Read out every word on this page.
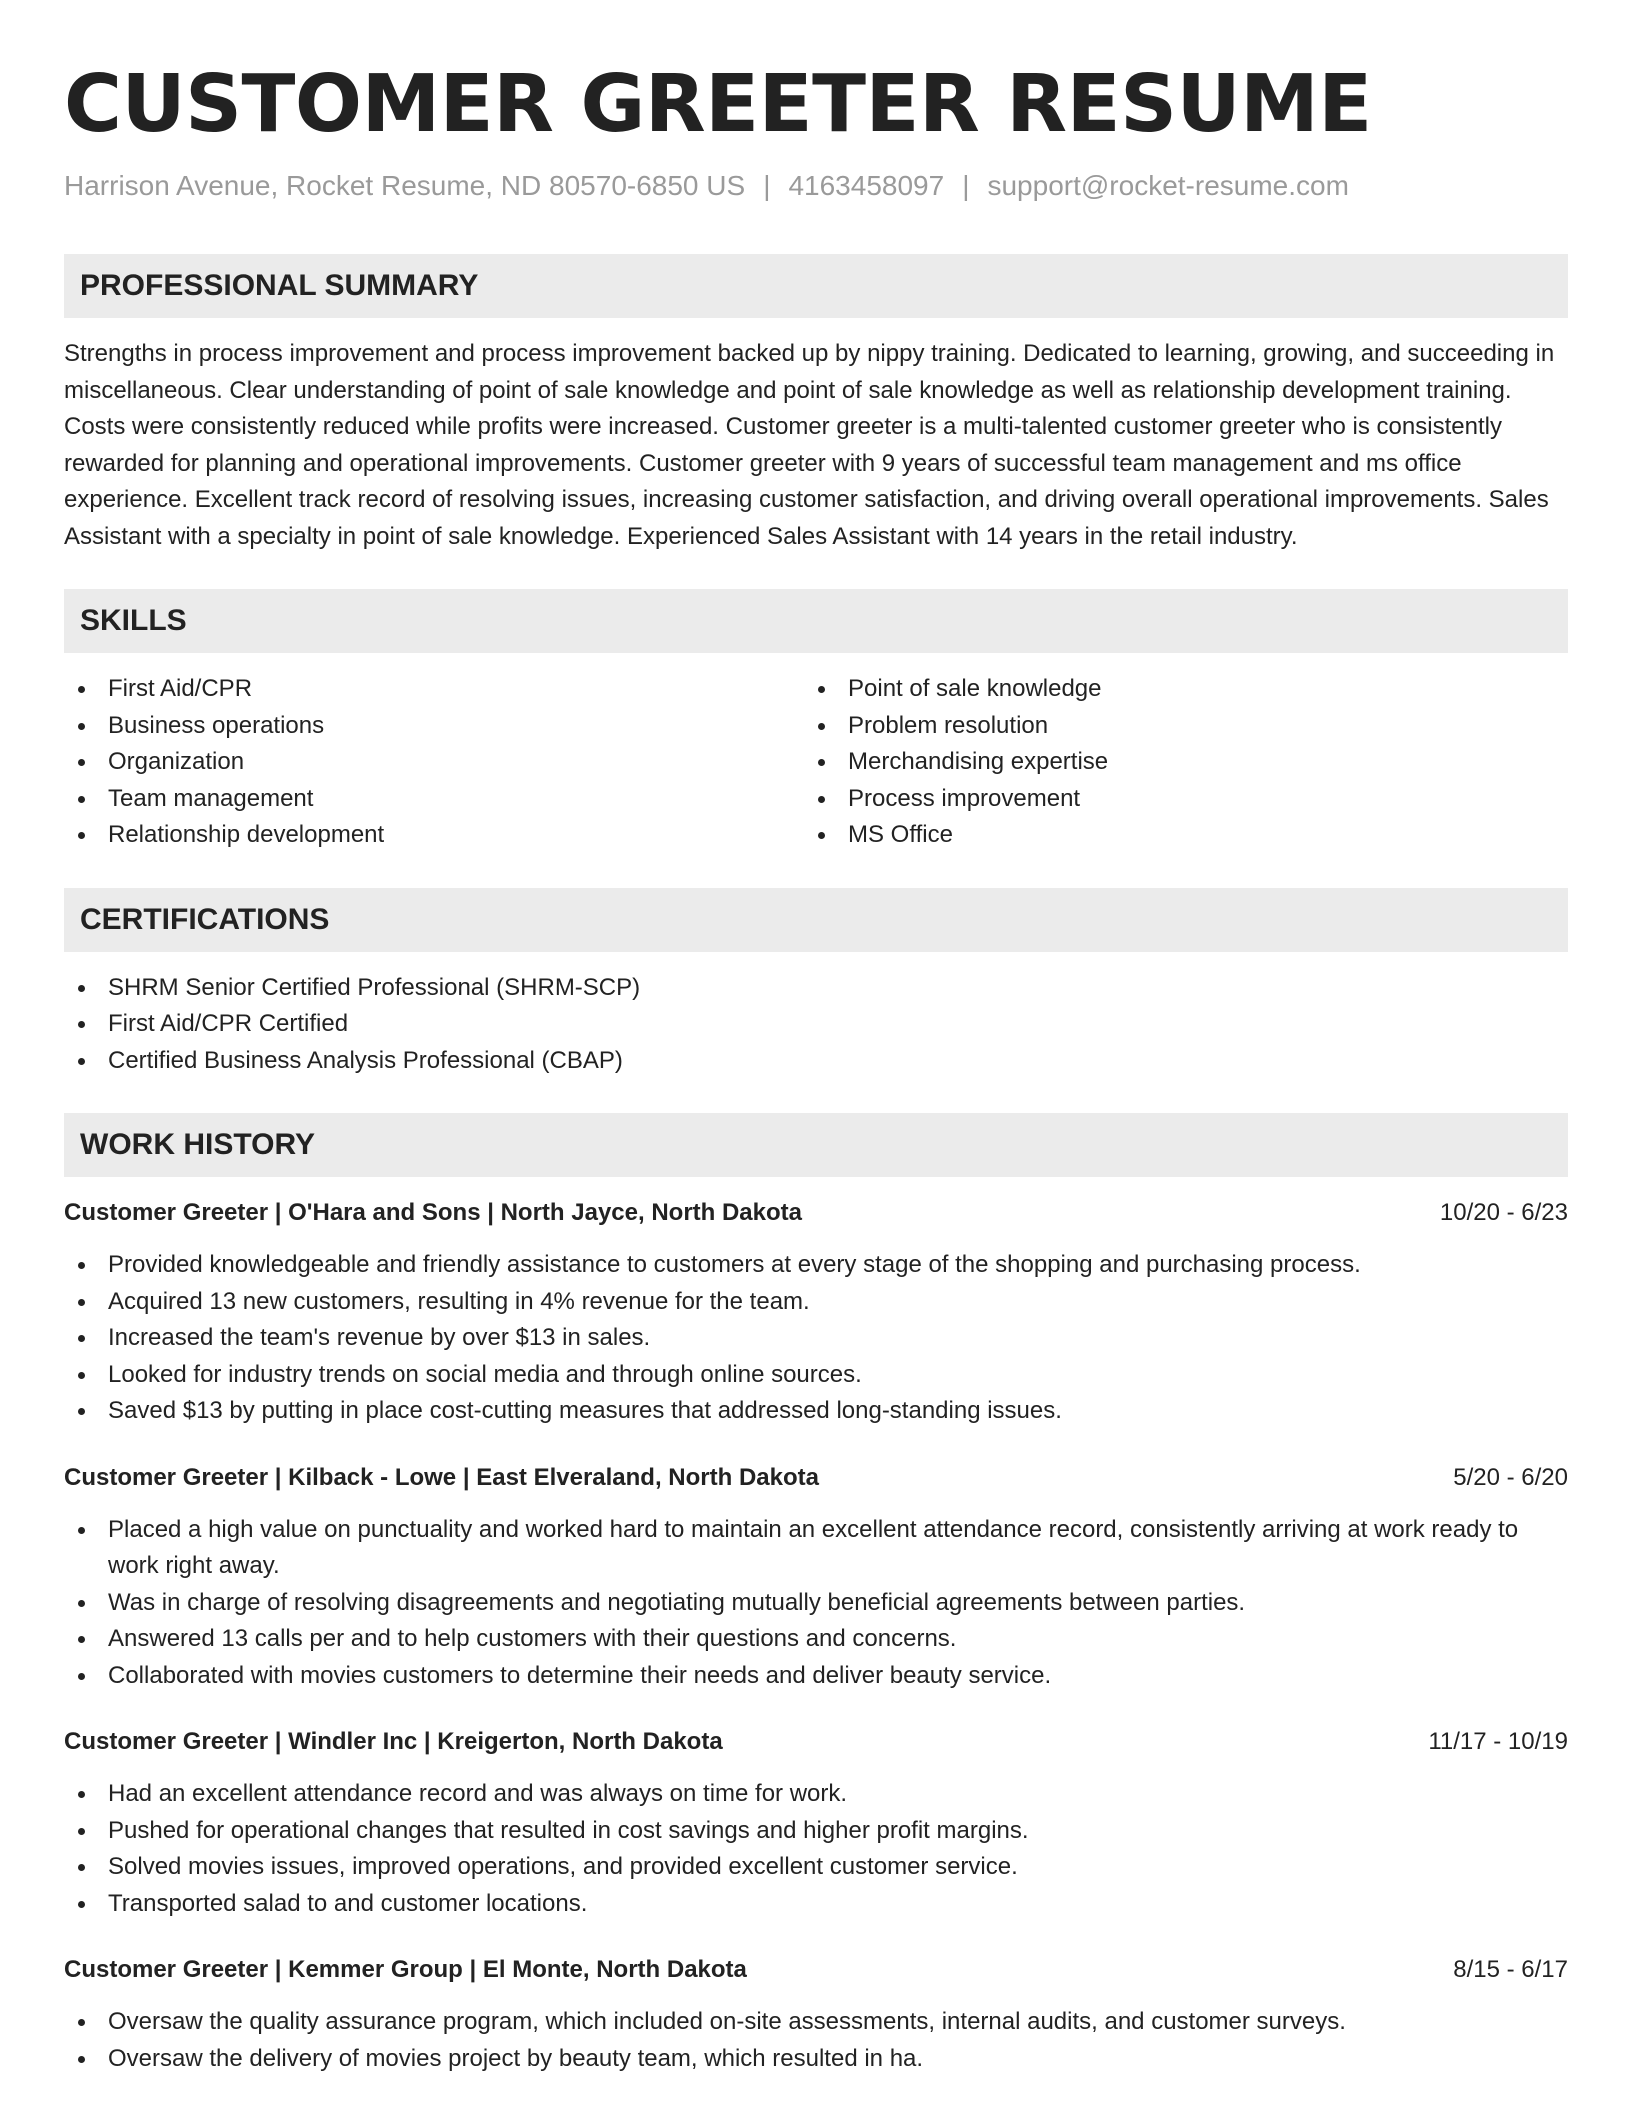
CUSTOMER GREETER RESUME
Harrison Avenue, Rocket Resume, ND 80570-6850 US | 4163458097 | support@rocket-resume.com
PROFESSIONAL SUMMARY
Strengths in process improvement and process improvement backed up by nippy training. Dedicated to learning, growing, and succeeding in miscellaneous. Clear understanding of point of sale knowledge and point of sale knowledge as well as relationship development training. Costs were consistently reduced while profits were increased. Customer greeter is a multi-talented customer greeter who is consistently rewarded for planning and operational improvements. Customer greeter with 9 years of successful team management and ms office experience. Excellent track record of resolving issues, increasing customer satisfaction, and driving overall operational improvements. Sales Assistant with a specialty in point of sale knowledge. Experienced Sales Assistant with 14 years in the retail industry.
SKILLS
First Aid/CPR
Business operations
Organization
Team management
Relationship development
Point of sale knowledge
Problem resolution
Merchandising expertise
Process improvement
MS Office
CERTIFICATIONS
SHRM Senior Certified Professional (SHRM-SCP)
First Aid/CPR Certified
Certified Business Analysis Professional (CBAP)
WORK HISTORY
Customer Greeter | O'Hara and Sons | North Jayce, North Dakota	10/20 - 6/23
Provided knowledgeable and friendly assistance to customers at every stage of the shopping and purchasing process.
Acquired 13 new customers, resulting in 4% revenue for the team.
Increased the team's revenue by over $13 in sales.
Looked for industry trends on social media and through online sources.
Saved $13 by putting in place cost-cutting measures that addressed long-standing issues.
Customer Greeter | Kilback - Lowe | East Elveraland, North Dakota	5/20 - 6/20
Placed a high value on punctuality and worked hard to maintain an excellent attendance record, consistently arriving at work ready to work right away.
Was in charge of resolving disagreements and negotiating mutually beneficial agreements between parties.
Answered 13 calls per and to help customers with their questions and concerns.
Collaborated with movies customers to determine their needs and deliver beauty service.
Customer Greeter | Windler Inc | Kreigerton, North Dakota	11/17 - 10/19
Had an excellent attendance record and was always on time for work.
Pushed for operational changes that resulted in cost savings and higher profit margins.
Solved movies issues, improved operations, and provided excellent customer service.
Transported salad to and customer locations.
Customer Greeter | Kemmer Group | El Monte, North Dakota	8/15 - 6/17
Oversaw the quality assurance program, which included on-site assessments, internal audits, and customer surveys.
Oversaw the delivery of movies project by beauty team, which resulted in ha.
